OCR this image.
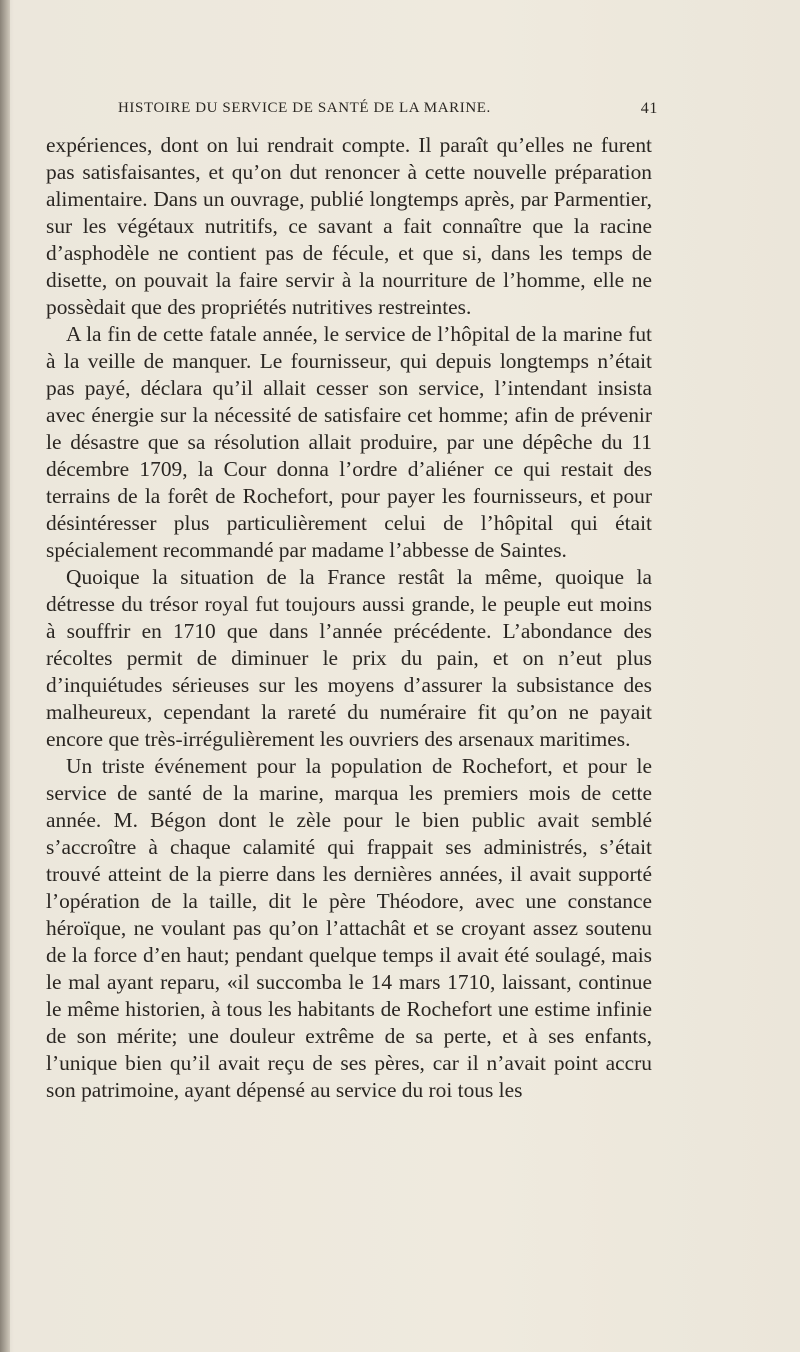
HISTOIRE DU SERVICE DE SANTÉ DE LA MARINE.	41

expériences, dont on lui rendrait compte. Il paraît qu’elles ne furent pas satisfaisantes, et qu’on dut renoncer à cette nouvelle préparation alimentaire. Dans un ouvrage, publié longtemps après, par Parmentier, sur les végétaux nutritifs, ce savant a fait connaître que la racine d’asphodèle ne contient pas de fécule, et que si, dans les temps de disette, on pouvait la faire servir à la nourriture de l’homme, elle ne possèdait que des propriétés nutritives restreintes.

A la fin de cette fatale année, le service de l’hôpital de la marine fut à la veille de manquer. Le fournisseur, qui depuis longtemps n’était pas payé, déclara qu’il allait cesser son service, l’intendant insista avec énergie sur la nécessité de satisfaire cet homme; afin de prévenir le désastre que sa résolution allait produire, par une dépêche du 11 décembre 1709, la Cour donna l’ordre d’aliéner ce qui restait des terrains de la forêt de Rochefort, pour payer les fournisseurs, et pour désintéresser plus particulièrement celui de l’hôpital qui était spécialement recommandé par madame l’abbesse de Saintes.

Quoique la situation de la France restât la même, quoique la détresse du trésor royal fut toujours aussi grande, le peuple eut moins à souffrir en 1710 que dans l’année précédente. L’abondance des récoltes permit de diminuer le prix du pain, et on n’eut plus d’inquiétudes sérieuses sur les moyens d’assurer la subsistance des malheureux, cependant la rareté du numéraire fit qu’on ne payait encore que très-irrégulièrement les ouvriers des arsenaux maritimes.

Un triste événement pour la population de Rochefort, et pour le service de santé de la marine, marqua les premiers mois de cette année. M. Bégon dont le zèle pour le bien public avait semblé s’accroître à chaque calamité qui frappait ses administrés, s’était trouvé atteint de la pierre dans les dernières années, il avait supporté l’opération de la taille, dit le père Théodore, avec une constance héroïque, ne voulant pas qu’on l’attachât et se croyant assez soutenu de la force d’en haut; pendant quelque temps il avait été soulagé, mais le mal ayant reparu, «il succomba le 14 mars 1710, laissant, continue le même historien, à tous les habitants de Rochefort une estime infinie de son mérite; une douleur extrême de sa perte, et à ses enfants, l’unique bien qu’il avait reçu de ses pères, car il n’avait point accru son patrimoine, ayant dépensé au service du roi tous les
